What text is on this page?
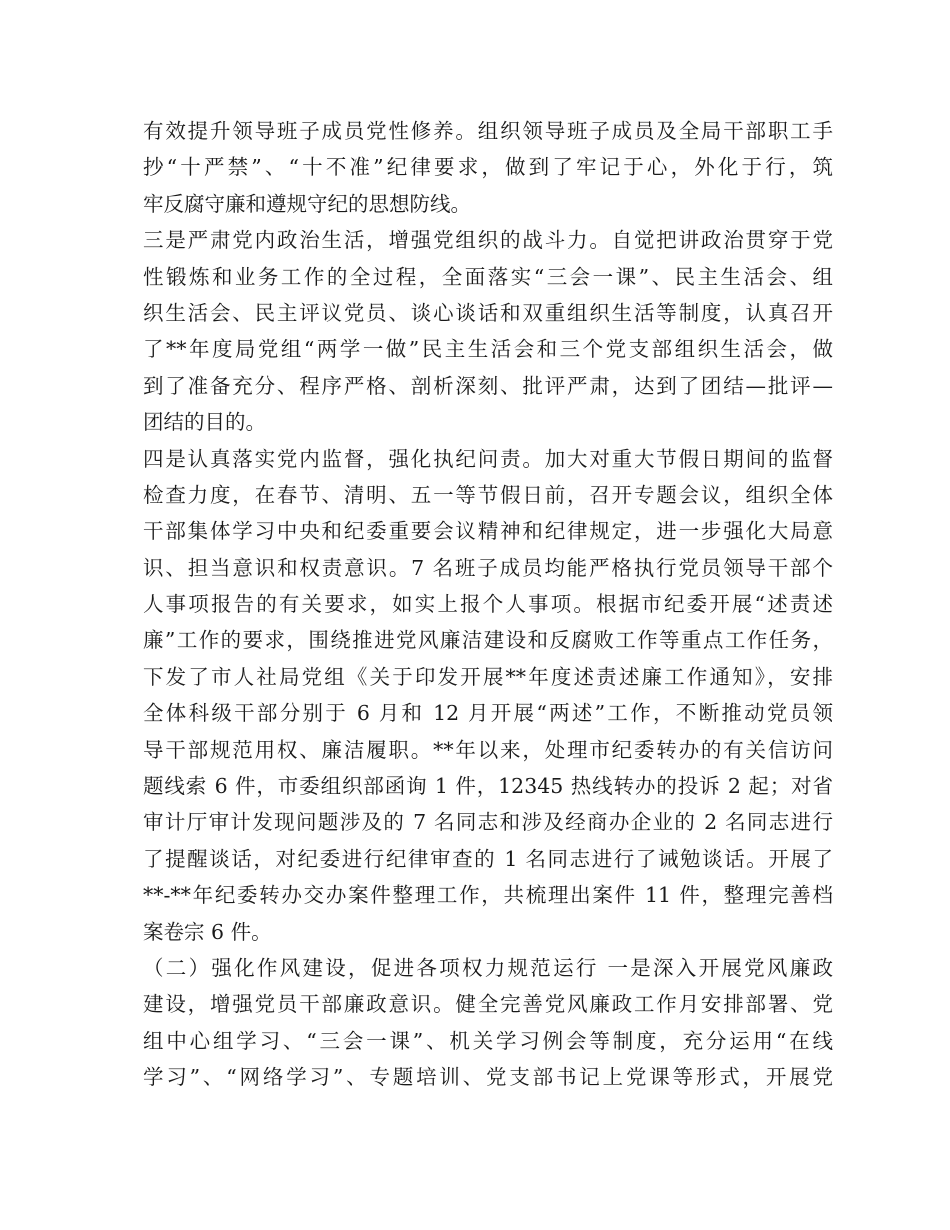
有效提升领导班子成员党性修养。组织领导班子成员及全局干部职工手
抄“十严禁”、“十不准”纪律要求，做到了牢记于心，外化于行，筑
牢反腐守廉和遵规守纪的思想防线。
三是严肃党内政治生活，增强党组织的战斗力。自觉把讲政治贯穿于党
性锻炼和业务工作的全过程，全面落实“三会一课”、民主生活会、组
织生活会、民主评议党员、谈心谈话和双重组织生活等制度，认真召开
了**年度局党组“两学一做”民主生活会和三个党支部组织生活会，做
到了准备充分、程序严格、剖析深刻、批评严肃，达到了团结—批评—
团结的目的。
四是认真落实党内监督，强化执纪问责。加大对重大节假日期间的监督
检查力度，在春节、清明、五一等节假日前，召开专题会议，组织全体
干部集体学习中央和纪委重要会议精神和纪律规定，进一步强化大局意
识、担当意识和权责意识。7 名班子成员均能严格执行党员领导干部个
人事项报告的有关要求，如实上报个人事项。根据市纪委开展“述责述
廉”工作的要求，围绕推进党风廉洁建设和反腐败工作等重点工作任务，
下发了市人社局党组《关于印发开展**年度述责述廉工作通知》，安排
全体科级干部分别于 6 月和 12 月开展“两述”工作，不断推动党员领
导干部规范用权、廉洁履职。**年以来，处理市纪委转办的有关信访问
题线索 6 件，市委组织部函询 1 件，12345 热线转办的投诉 2 起；对省
审计厅审计发现问题涉及的 7 名同志和涉及经商办企业的 2 名同志进行
了提醒谈话，对纪委进行纪律审查的 1 名同志进行了诫勉谈话。开展了
**-**年纪委转办交办案件整理工作，共梳理出案件 11 件，整理完善档
案卷宗 6 件。
（二）强化作风建设，促进各项权力规范运行 一是深入开展党风廉政
建设，增强党员干部廉政意识。健全完善党风廉政工作月安排部署、党
组中心组学习、“三会一课”、机关学习例会等制度，充分运用“在线
学习”、“网络学习”、专题培训、党支部书记上党课等形式，开展党
